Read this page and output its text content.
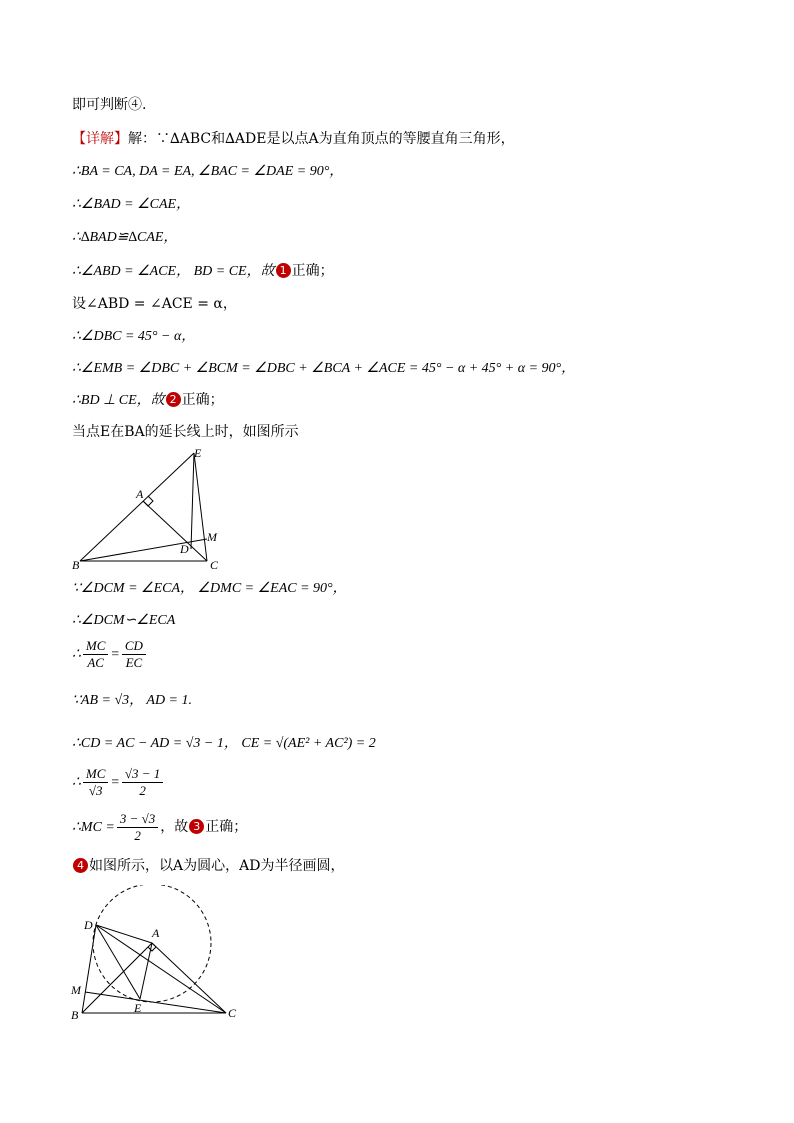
即可判断④.
【详解】解：∵∆ABC和∆ADE是以点A为直角顶点的等腰直角三角形，
∴BA = CA, DA = EA, ∠BAC = ∠DAE = 90°，
∴∠BAD = ∠CAE，
∴∆BAD≌∆CAE，
∴∠ABD = ∠ACE， BD = CE，故 1 正确；
设∠ABD = ∠ACE = α，
∴∠DBC = 45° − α，
∴∠EMB = ∠DBC + ∠BCM = ∠DBC + ∠BCA + ∠ACE = 45° − α + 45° + α = 90°，
∴BD ⊥ CE，故 2 正确；
当点E在BA的延长线上时，如图所示
E
A
M
D
B	C
∵∠DCM = ∠ECA， ∠DMC = ∠EAC = 90°，
∴∠DCM∽∠ECA
∴ $\frac{MC}{AC} = \frac{CD}{EC}$
∵AB = √3， AD = 1.
∴CD = AC − AD = √3 − 1， CE = √(AE² + AC²) = 2
∴ $\frac{MC}{√3} = \frac{√3 - 1}{2}$
∴MC = $\frac{3 - √3}{2}$ ，故 3 正确；
4 如图所示，以A为圆心，AD为半径画圆，
D
A
M
B	E	C
